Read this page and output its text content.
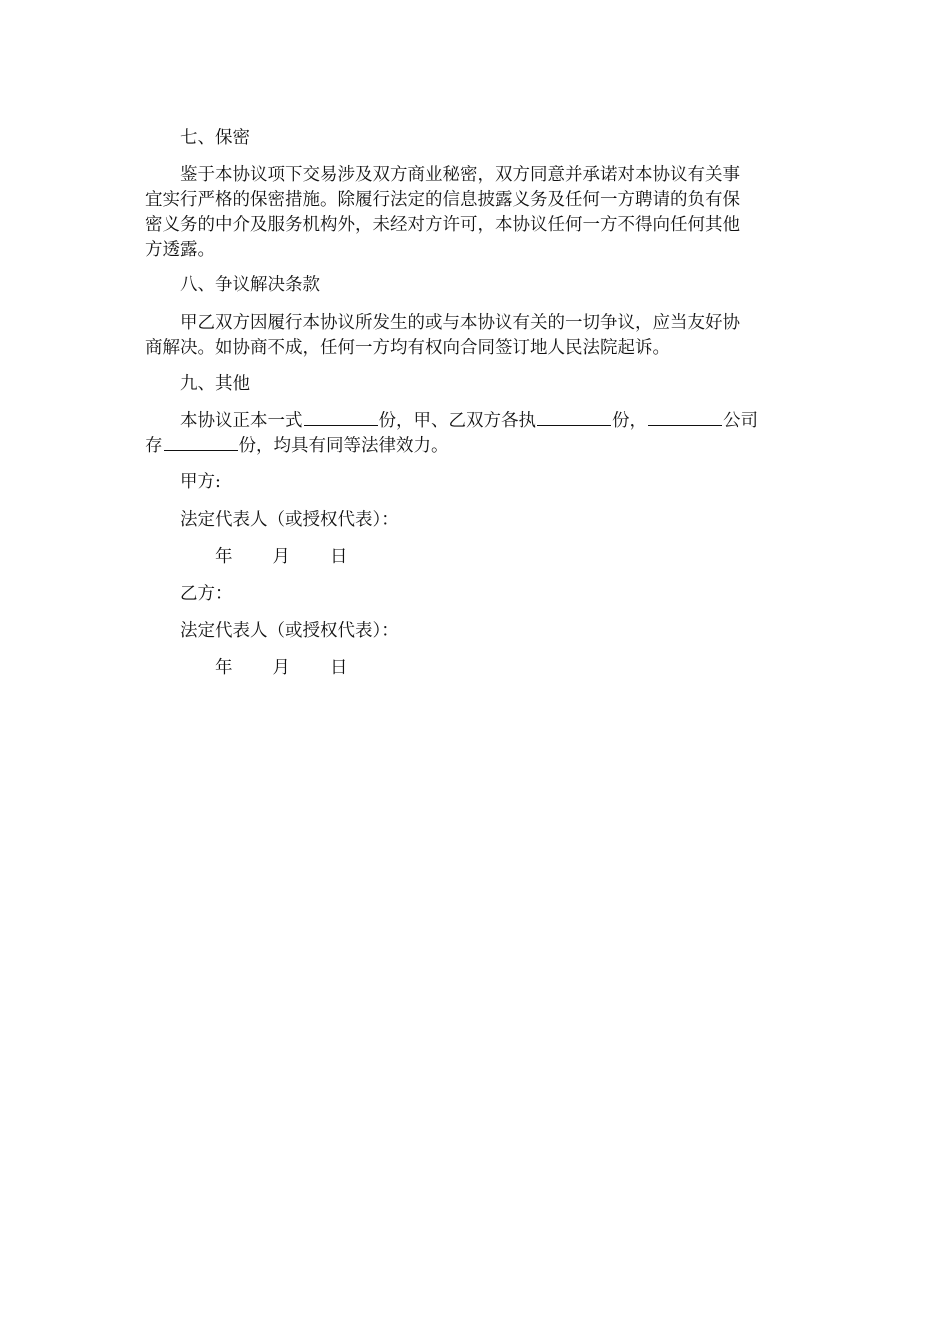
七、保密
鉴于本协议项下交易涉及双方商业秘密，双方同意并承诺对本协议有关事
宜实行严格的保密措施。除履行法定的信息披露义务及任何一方聘请的负有保
密义务的中介及服务机构外，未经对方许可，本协议任何一方不得向任何其他
方透露。
八、争议解决条款
甲乙双方因履行本协议所发生的或与本协议有关的一切争议，应当友好协
商解决。如协商不成，任何一方均有权向合同签订地人民法院起诉。
九、其他
本协议正本一式	份，甲、乙双方各执	份，	公司
存	份，均具有同等法律效力。
甲方:
法定代表人（或授权代表）：
年 月 日
乙方：
法定代表人（或授权代表）：
年 月 日
